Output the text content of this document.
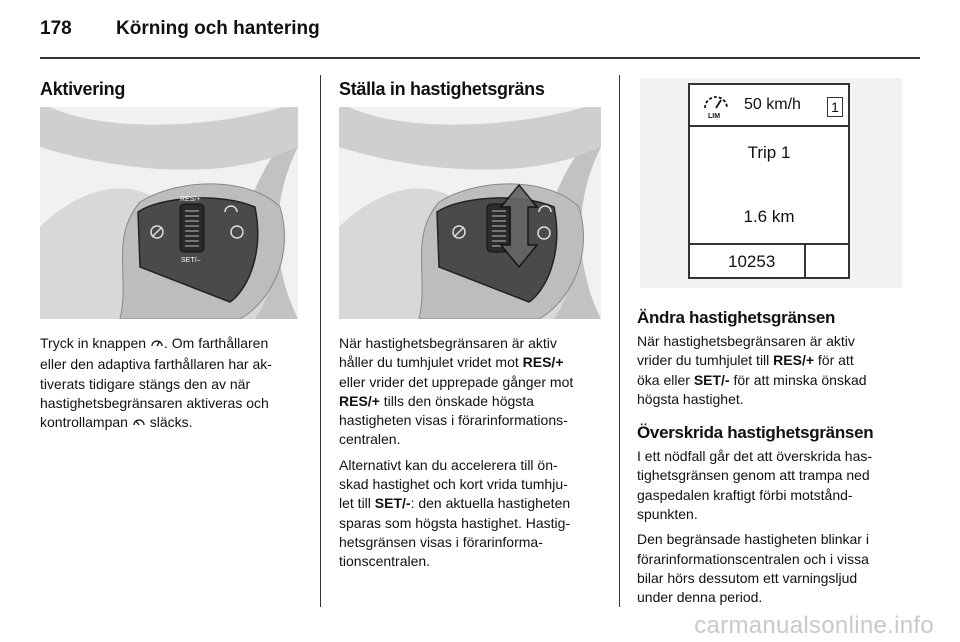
178 Körning och hantering
Aktivering
RES/+
SET/–

Tryck in knappen . Om farthållaren
eller den adaptiva farthållaren har ak-
tiverats tidigare stängs den av när
hastighetsbegränsaren aktiveras och
kontrollampan släcks.

Ställa in hastighetsgräns

När hastighetsbegränsaren är aktiv
håller du tumhjulet vridet mot RES/+
eller vrider det upprepade gånger mot
RES/+ tills den önskade högsta
hastigheten visas i förarinformations-
centralen.

Alternativt kan du accelerera till ön-
skad hastighet och kort vrida tumhju-
let till SET/-: den aktuella hastigheten
sparas som högsta hastighet. Hastig-
hetsgränsen visas i förarinforma-
tionscentralen.

LIM
50 km/h 1
Trip 1
1.6 km
10253
Ändra hastighetsgränsen

När hastighetsbegränsaren är aktiv
vrider du tumhjulet till RES/+ för att
öka eller SET/- för att minska önskad
högsta hastighet.

Överskrida hastighetsgränsen

I ett nödfall går det att överskrida has-
tighetsgränsen genom att trampa ned
gaspedalen kraftigt förbi motstånd-
spunkten.

Den begränsade hastigheten blinkar i
förarinformationscentralen och i vissa
bilar hörs dessutom ett varningsljud
under denna period.

carmanualsonline.info
